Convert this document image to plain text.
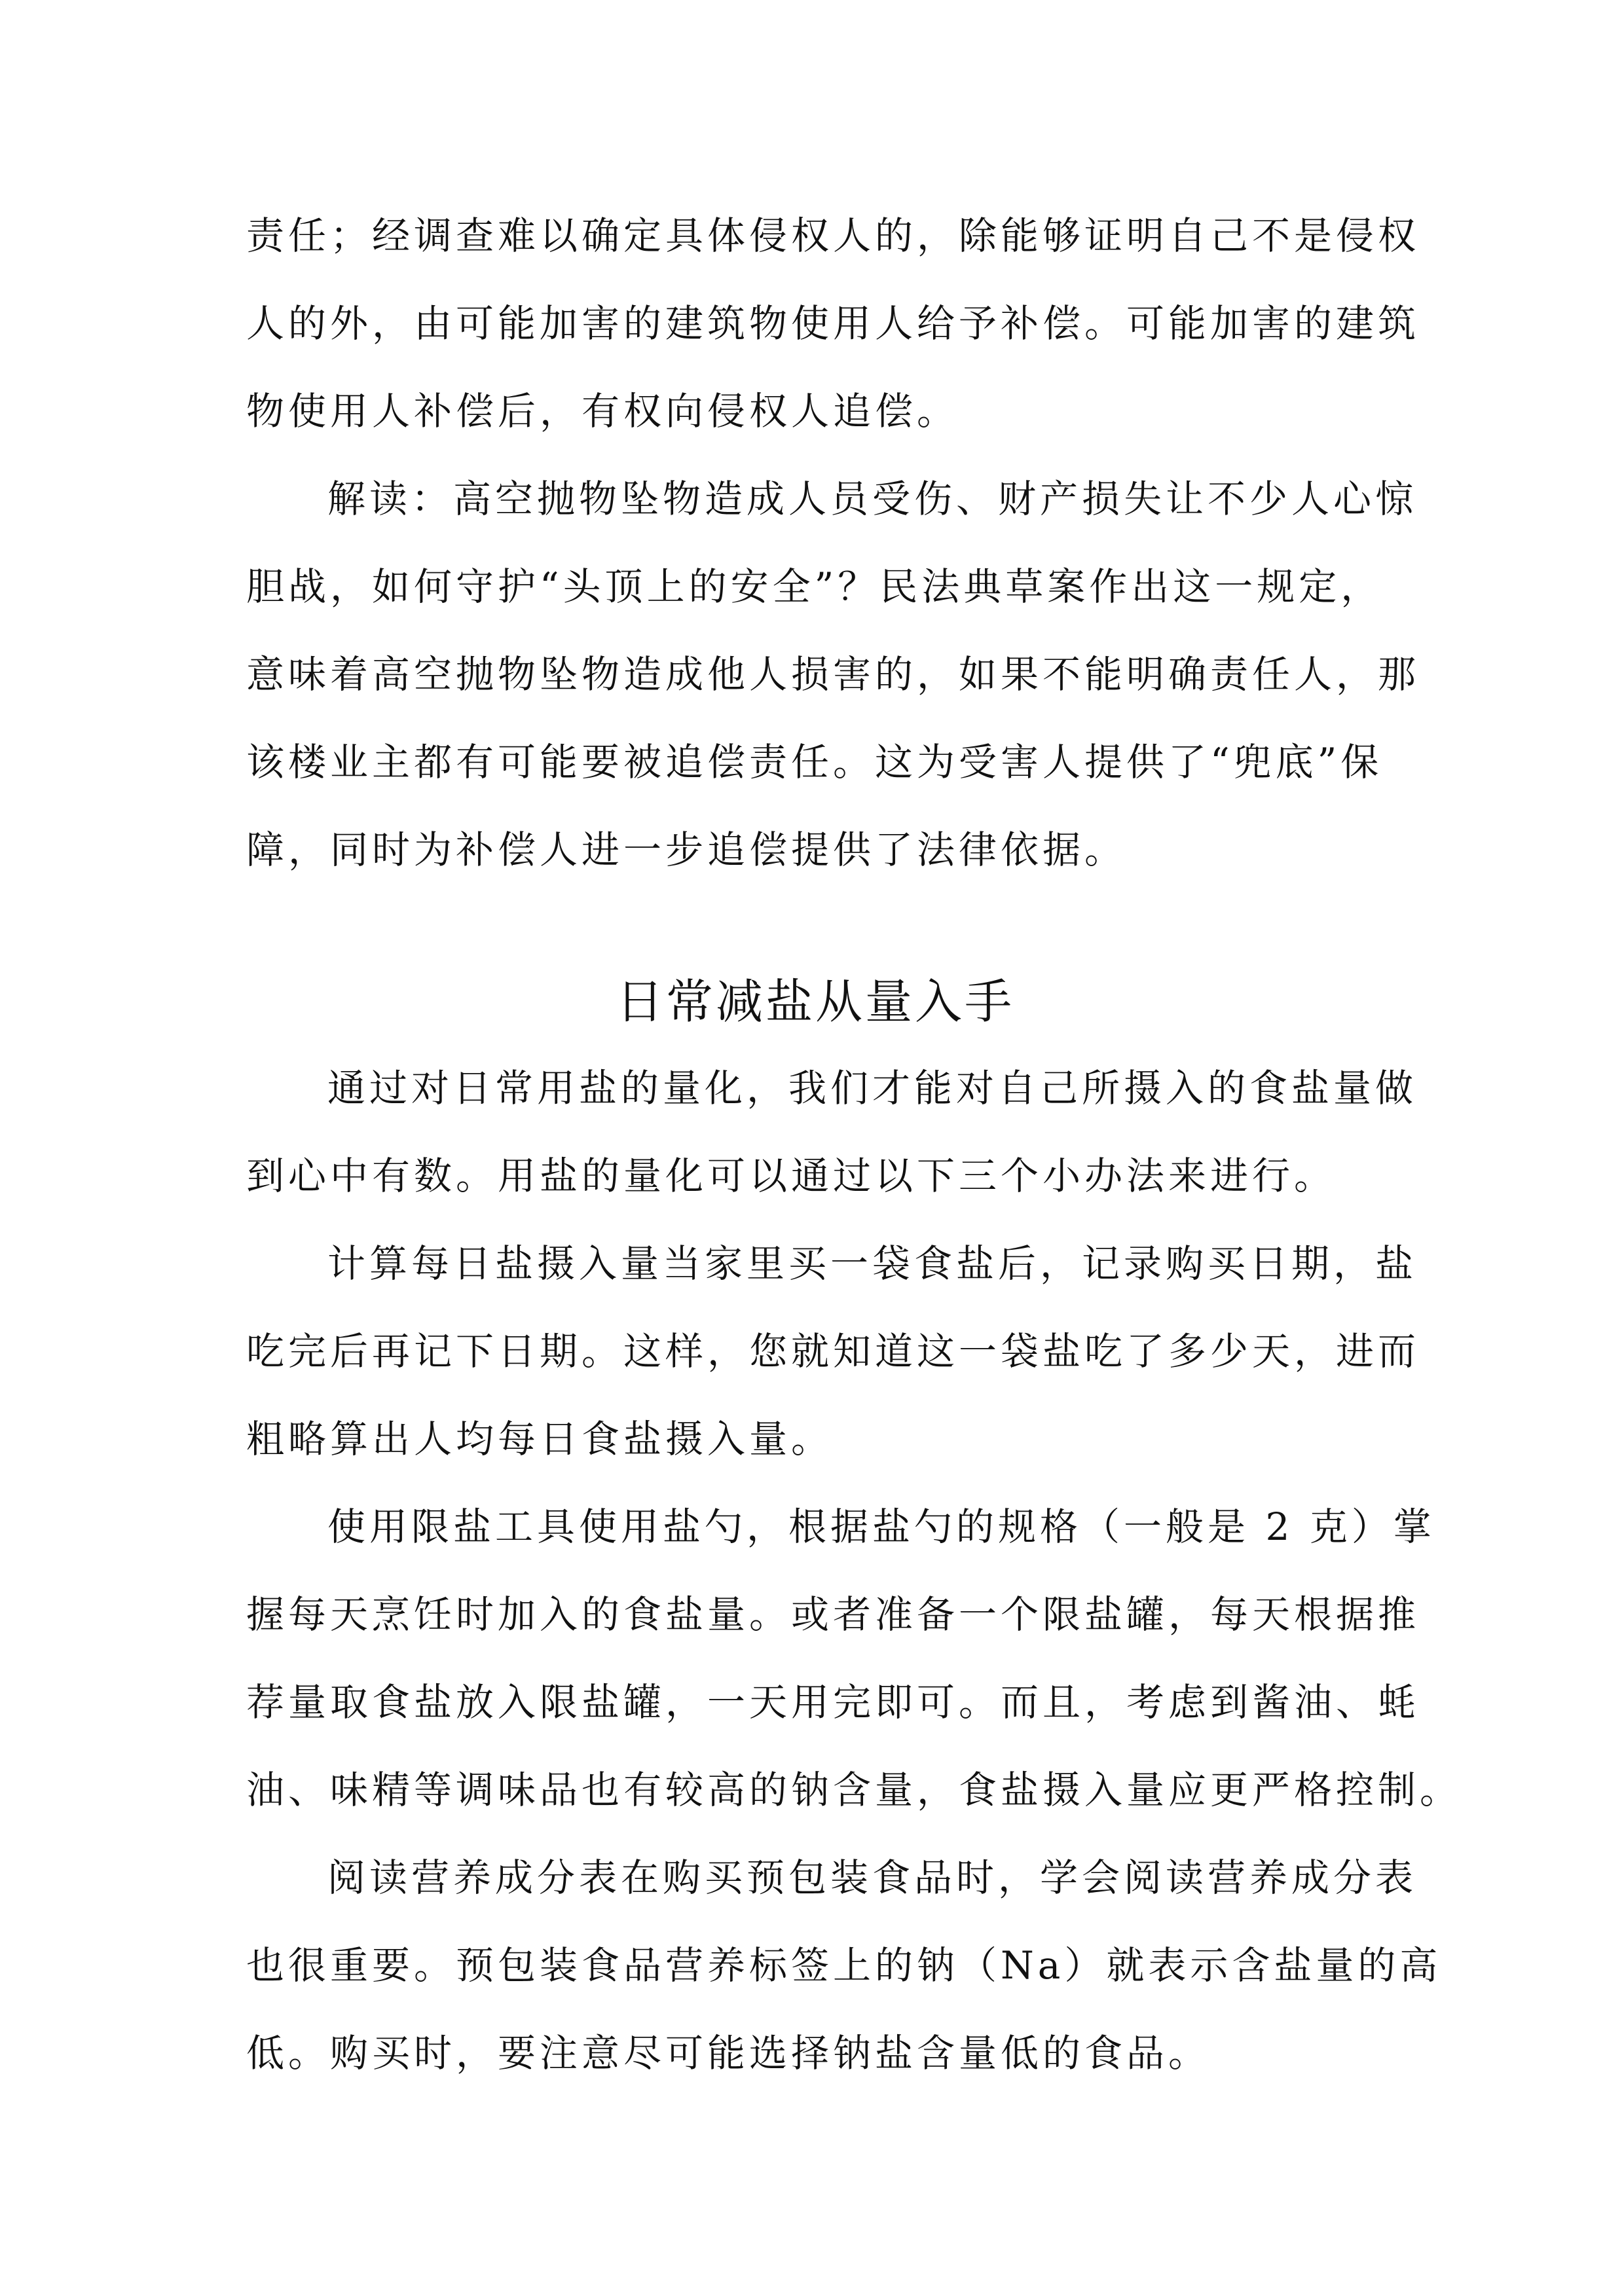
责任；经调查难以确定具体侵权人的，除能够证明自己不是侵权
人的外，由可能加害的建筑物使用人给予补偿。可能加害的建筑
物使用人补偿后，有权向侵权人追偿。
解读：高空抛物坠物造成人员受伤、财产损失让不少人心惊
胆战，如何守护“头顶上的安全”？民法典草案作出这一规定，
意味着高空抛物坠物造成他人损害的，如果不能明确责任人，那
该楼业主都有可能要被追偿责任。这为受害人提供了“兜底”保
障，同时为补偿人进一步追偿提供了法律依据。
日常减盐从量入手
通过对日常用盐的量化，我们才能对自己所摄入的食盐量做
到心中有数。用盐的量化可以通过以下三个小办法来进行。
计算每日盐摄入量当家里买一袋食盐后，记录购买日期，盐
吃完后再记下日期。这样，您就知道这一袋盐吃了多少天，进而
粗略算出人均每日食盐摄入量。
使用限盐工具使用盐勺，根据盐勺的规格（一般是 2 克）掌
握每天烹饪时加入的食盐量。或者准备一个限盐罐，每天根据推
荐量取食盐放入限盐罐，一天用完即可。而且，考虑到酱油、蚝
油、味精等调味品也有较高的钠含量，食盐摄入量应更严格控制。
阅读营养成分表在购买预包装食品时，学会阅读营养成分表
也很重要。预包装食品营养标签上的钠（Na）就表示含盐量的高
低。购买时，要注意尽可能选择钠盐含量低的食品。
